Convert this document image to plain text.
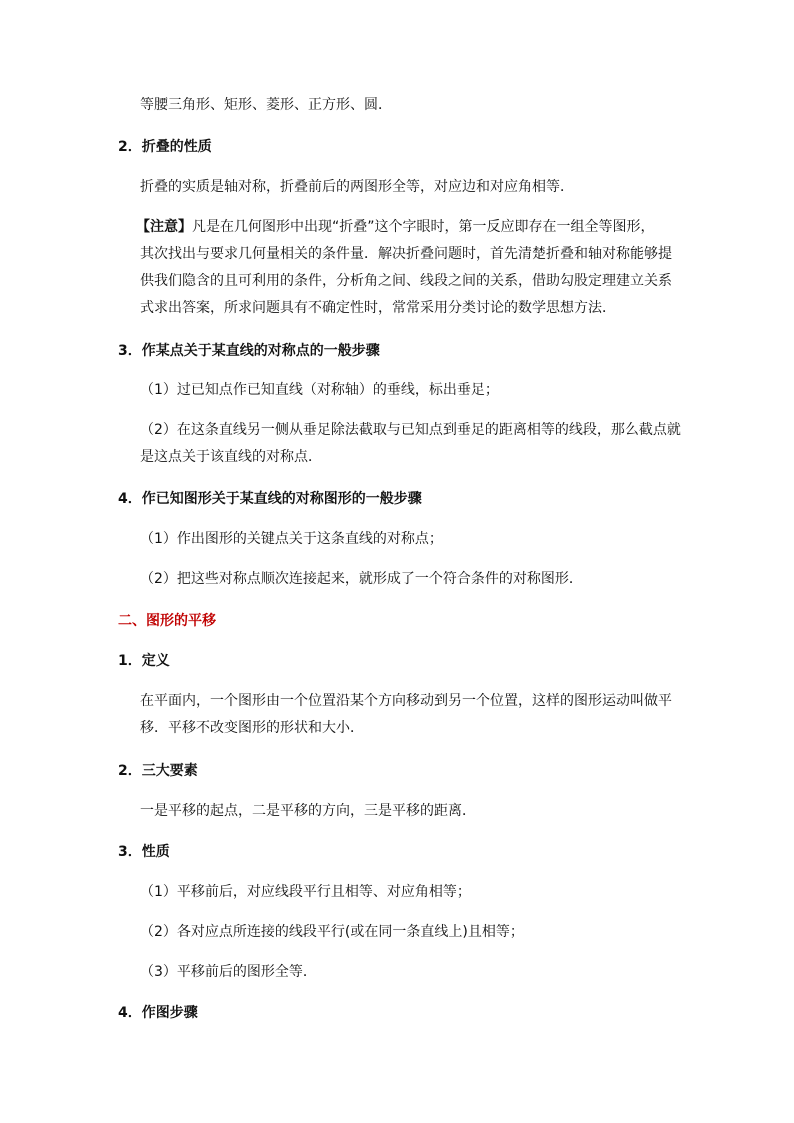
等腰三角形、矩形、菱形、正方形、圆．
2．折叠的性质
折叠的实质是轴对称，折叠前后的两图形全等，对应边和对应角相等．
【注意】凡是在几何图形中出现“折叠”这个字眼时，第一反应即存在一组全等图形，
其次找出与要求几何量相关的条件量．解决折叠问题时，首先清楚折叠和轴对称能够提
供我们隐含的且可利用的条件，分析角之间、线段之间的关系，借助勾股定理建立关系
式求出答案，所求问题具有不确定性时，常常采用分类讨论的数学思想方法．
3．作某点关于某直线的对称点的一般步骤
（1）过已知点作已知直线（对称轴）的垂线，标出垂足；
（2）在这条直线另一侧从垂足除法截取与已知点到垂足的距离相等的线段，那么截点就
是这点关于该直线的对称点．
4．作已知图形关于某直线的对称图形的一般步骤
（1）作出图形的关键点关于这条直线的对称点；
（2）把这些对称点顺次连接起来，就形成了一个符合条件的对称图形．
二、图形的平移
1．定义
在平面内，一个图形由一个位置沿某个方向移动到另一个位置，这样的图形运动叫做平
移．平移不改变图形的形状和大小．
2．三大要素
一是平移的起点，二是平移的方向，三是平移的距离．
3．性质
（1）平移前后，对应线段平行且相等、对应角相等；
（2）各对应点所连接的线段平行(或在同一条直线上)且相等；
（3）平移前后的图形全等．
4．作图步骤
